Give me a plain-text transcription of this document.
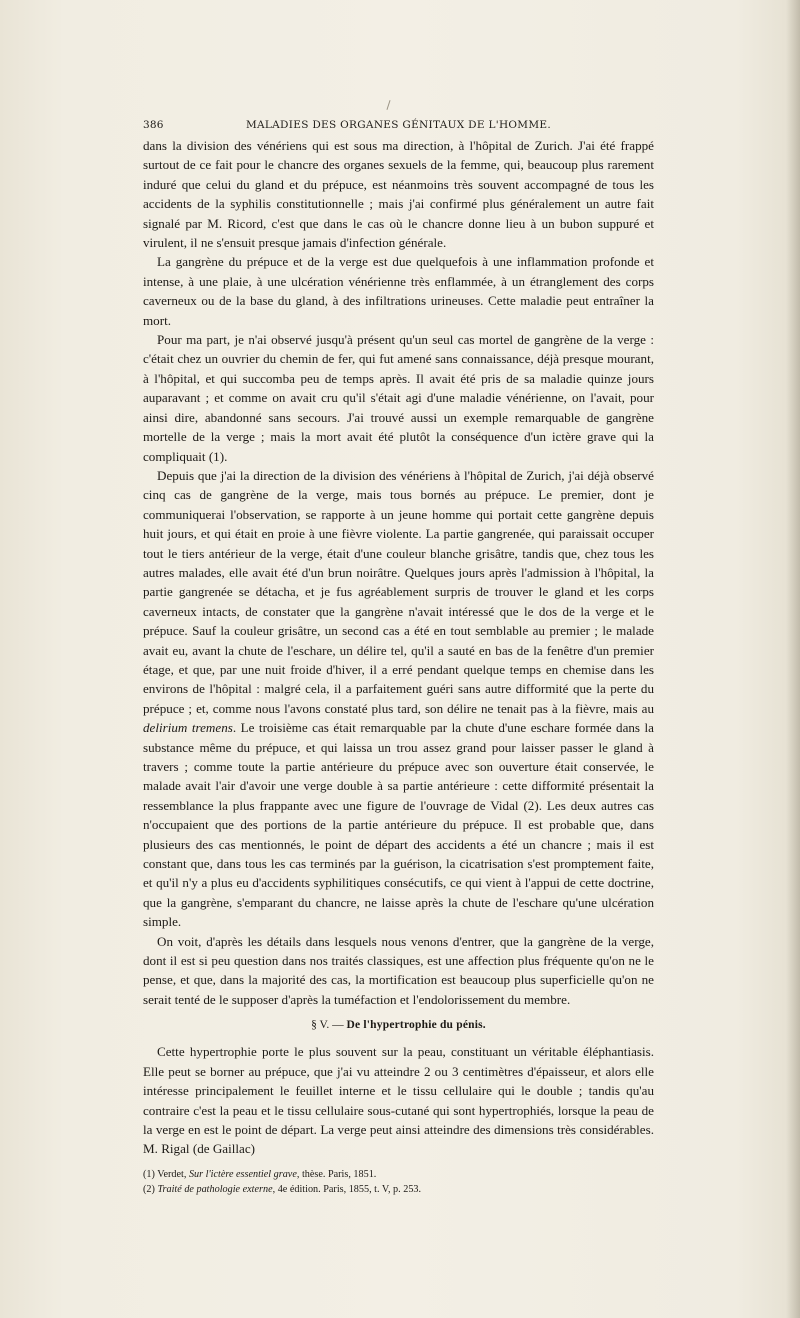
386	MALADIES DES ORGANES GÉNITAUX DE L'HOMME.

dans la division des vénériens qui est sous ma direction, à l'hôpital de Zurich. J'ai été frappé surtout de ce fait pour le chancre des organes sexuels de la femme, qui, beaucoup plus rarement induré que celui du gland et du prépuce, est néanmoins très souvent accompagné de tous les accidents de la syphilis constitutionnelle ; mais j'ai confirmé plus généralement un autre fait signalé par M. Ricord, c'est que dans le cas où le chancre donne lieu à un bubon suppuré et virulent, il ne s'ensuit presque jamais d'infection générale.

La gangrène du prépuce et de la verge est due quelquefois à une inflammation profonde et intense, à une plaie, à une ulcération vénérienne très enflammée, à un étranglement des corps caverneux ou de la base du gland, à des infiltrations urineuses. Cette maladie peut entraîner la mort.

Pour ma part, je n'ai observé jusqu'à présent qu'un seul cas mortel de gangrène de la verge : c'était chez un ouvrier du chemin de fer, qui fut amené sans connaissance, déjà presque mourant, à l'hôpital, et qui succomba peu de temps après. Il avait été pris de sa maladie quinze jours auparavant ; et comme on avait cru qu'il s'était agi d'une maladie vénérienne, on l'avait, pour ainsi dire, abandonné sans secours. J'ai trouvé aussi un exemple remarquable de gangrène mortelle de la verge ; mais la mort avait été plutôt la conséquence d'un ictère grave qui la compliquait (1).

Depuis que j'ai la direction de la division des vénériens à l'hôpital de Zurich, j'ai déjà observé cinq cas de gangrène de la verge, mais tous bornés au prépuce. Le premier, dont je communiquerai l'observation, se rapporte à un jeune homme qui portait cette gangrène depuis huit jours, et qui était en proie à une fièvre violente. La partie gangrenée, qui paraissait occuper tout le tiers antérieur de la verge, était d'une couleur blanche grisâtre, tandis que, chez tous les autres malades, elle avait été d'un brun noirâtre. Quelques jours après l'admission à l'hôpital, la partie gangrenée se détacha, et je fus agréablement surpris de trouver le gland et les corps caverneux intacts, de constater que la gangrène n'avait intéressé que le dos de la verge et le prépuce. Sauf la couleur grisâtre, un second cas a été en tout semblable au premier ; le malade avait eu, avant la chute de l'eschare, un délire tel, qu'il a sauté en bas de la fenêtre d'un premier étage, et que, par une nuit froide d'hiver, il a erré pendant quelque temps en chemise dans les environs de l'hôpital : malgré cela, il a parfaitement guéri sans autre difformité que la perte du prépuce ; et, comme nous l'avons constaté plus tard, son délire ne tenait pas à la fièvre, mais au delirium tremens. Le troisième cas était remarquable par la chute d'une eschare formée dans la substance même du prépuce, et qui laissa un trou assez grand pour laisser passer le gland à travers ; comme toute la partie antérieure du prépuce avec son ouverture était conservée, le malade avait l'air d'avoir une verge double à sa partie antérieure : cette difformité présentait la ressemblance la plus frappante avec une figure de l'ouvrage de Vidal (2). Les deux autres cas n'occupaient que des portions de la partie antérieure du prépuce. Il est probable que, dans plusieurs des cas mentionnés, le point de départ des accidents a été un chancre ; mais il est constant que, dans tous les cas terminés par la guérison, la cicatrisation s'est promptement faite, et qu'il n'y a plus eu d'accidents syphilitiques consécutifs, ce qui vient à l'appui de cette doctrine, que la gangrène, s'emparant du chancre, ne laisse après la chute de l'eschare qu'une ulcération simple.

On voit, d'après les détails dans lesquels nous venons d'entrer, que la gangrène de la verge, dont il est si peu question dans nos traités classiques, est une affection plus fréquente qu'on ne le pense, et que, dans la majorité des cas, la mortification est beaucoup plus superficielle qu'on ne serait tenté de le supposer d'après la tuméfaction et l'endolorissement du membre.

§ V. — De l'hypertrophie du pénis.

Cette hypertrophie porte le plus souvent sur la peau, constituant un véritable éléphantiasis. Elle peut se borner au prépuce, que j'ai vu atteindre 2 ou 3 centimètres d'épaisseur, et alors elle intéresse principalement le feuillet interne et le tissu cellulaire qui le double ; tandis qu'au contraire c'est la peau et le tissu cellulaire sous-cutané qui sont hypertrophiés, lorsque la peau de la verge en est le point de départ. La verge peut ainsi atteindre des dimensions très considérables. M. Rigal (de Gaillac)

(1) Verdet, Sur l'ictère essentiel grave, thèse. Paris, 1851.

(2) Traité de pathologie externe, 4e édition. Paris, 1855, t. V, p. 253.
